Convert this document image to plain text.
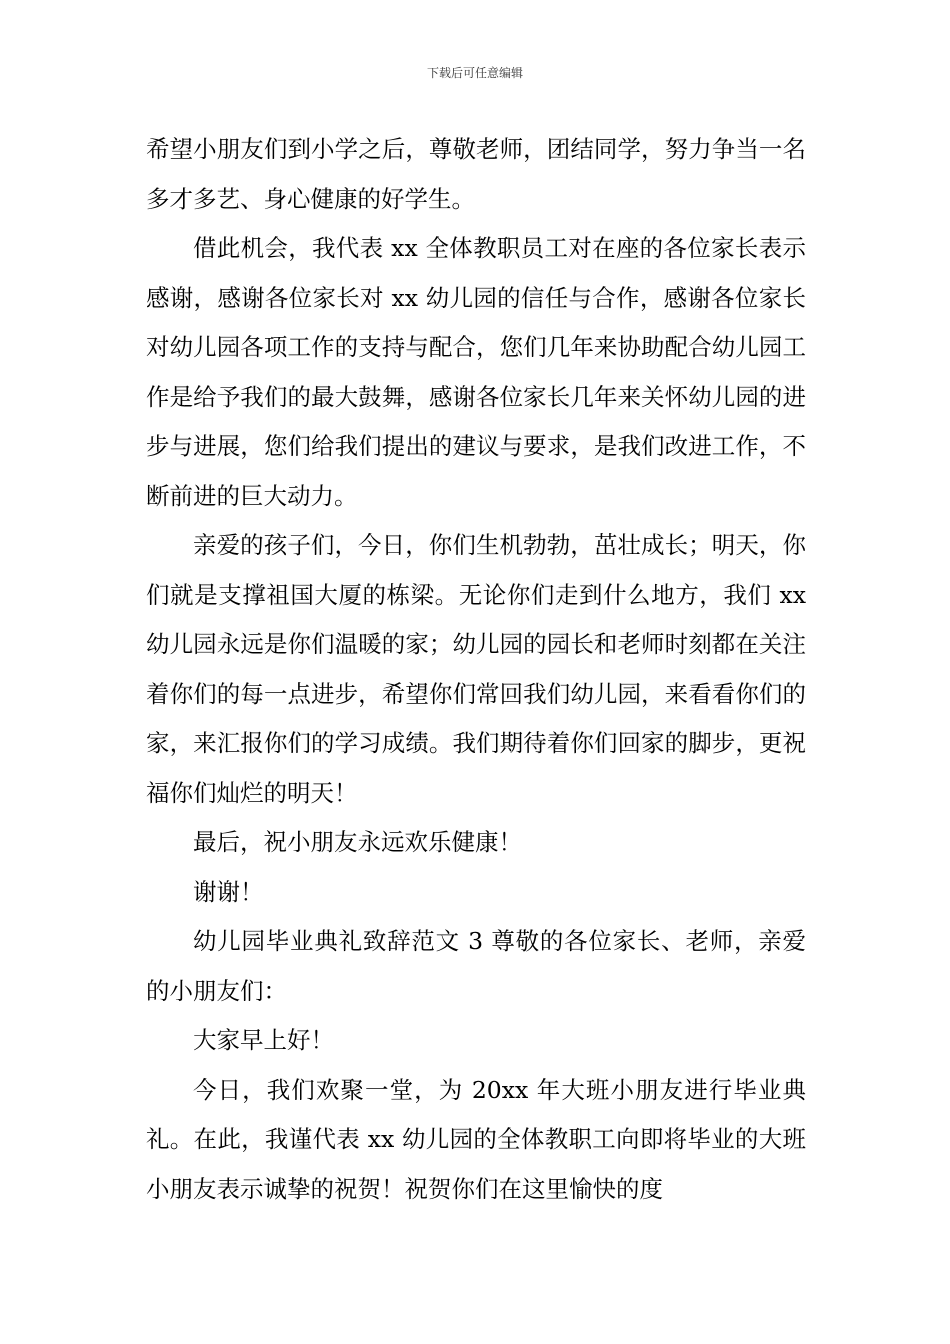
下载后可任意编辑

希望小朋友们到小学之后，尊敬老师，团结同学，努力争当一名多才多艺、身心健康的好学生。

借此机会，我代表 xx 全体教职员工对在座的各位家长表示感谢，感谢各位家长对 xx 幼儿园的信任与合作，感谢各位家长对幼儿园各项工作的支持与配合，您们几年来协助配合幼儿园工作是给予我们的最大鼓舞，感谢各位家长几年来关怀幼儿园的进步与进展，您们给我们提出的建议与要求，是我们改进工作，不断前进的巨大动力。

亲爱的孩子们，今日，你们生机勃勃，茁壮成长；明天，你们就是支撑祖国大厦的栋梁。无论你们走到什么地方，我们 xx 幼儿园永远是你们温暖的家；幼儿园的园长和老师时刻都在关注着你们的每一点进步，希望你们常回我们幼儿园，来看看你们的家，来汇报你们的学习成绩。我们期待着你们回家的脚步，更祝福你们灿烂的明天！

最后，祝小朋友永远欢乐健康！

谢谢！

幼儿园毕业典礼致辞范文 3 尊敬的各位家长、老师，亲爱的小朋友们：

大家早上好！

今日，我们欢聚一堂，为 20xx 年大班小朋友进行毕业典礼。在此，我谨代表 xx 幼儿园的全体教职工向即将毕业的大班小朋友表示诚挚的祝贺！祝贺你们在这里愉快的度
